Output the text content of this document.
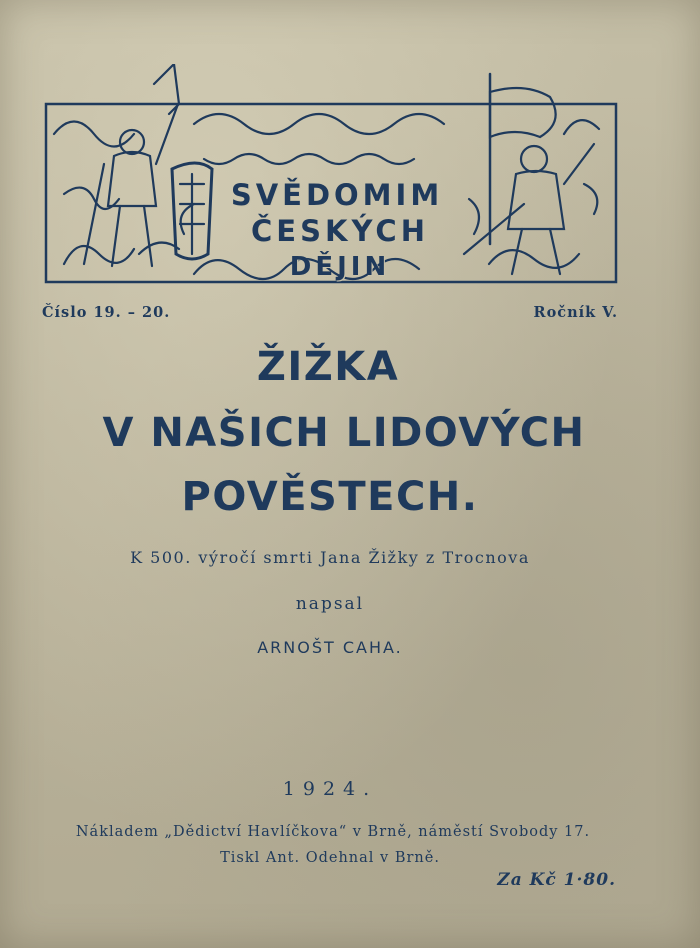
SVĚDOMIM
ČESKÝCH
DĚJIN
Číslo 19. – 20.	Ročník V.
ŽIŽKA
V NAŠICH LIDOVÝCH
POVĚSTECH.
K 500. výročí smrti Jana Žižky z Trocnova
napsal
ARNOŠT CAHA.
1924.
Nákladem „Dědictví Havlíčkova“ v Brně, náměstí Svobody 17.
Tiskl Ant. Odehnal v Brně.
Za Kč 1·80.
